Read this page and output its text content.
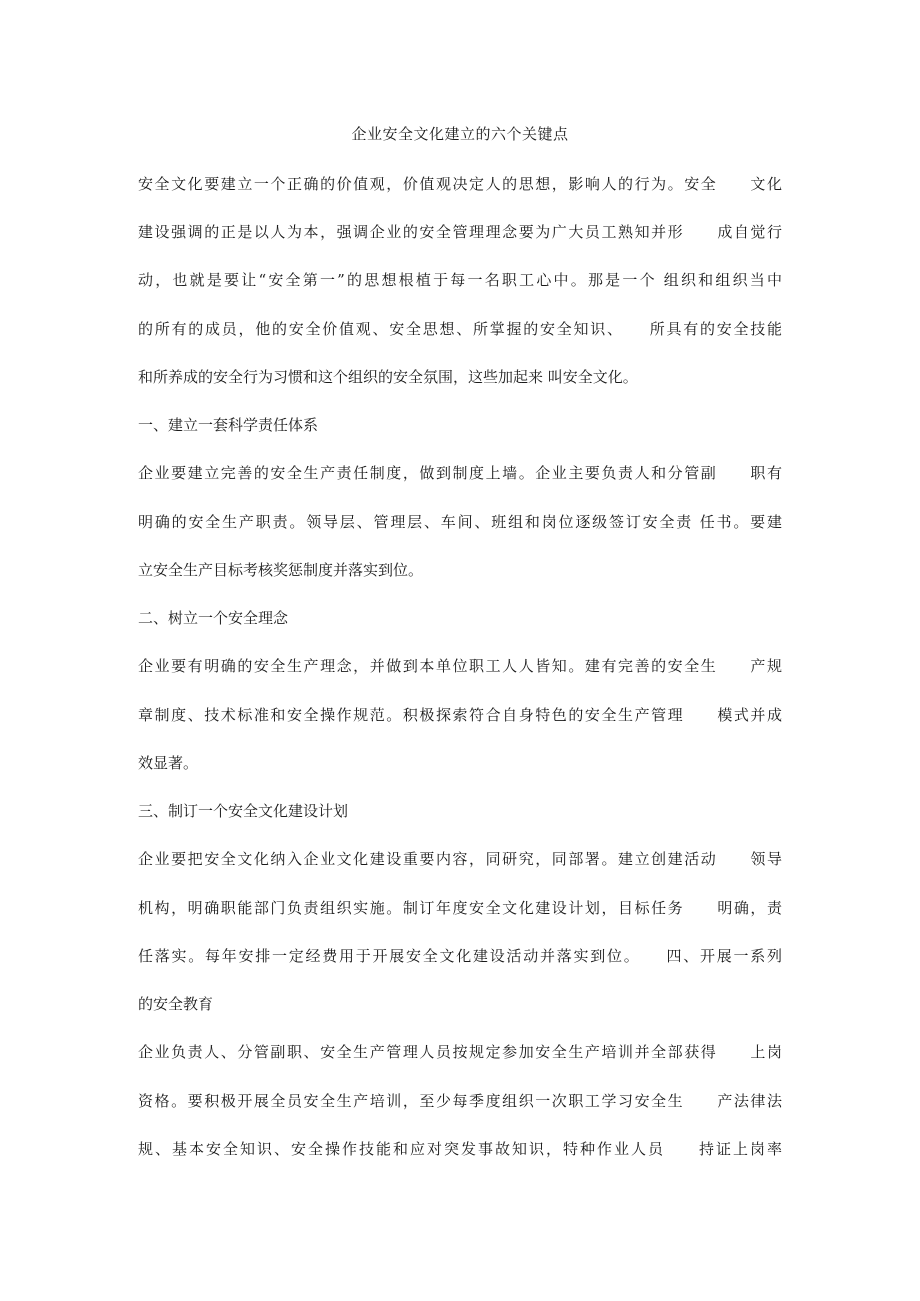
企业安全文化建立的六个关键点
安全文化要建立一个正确的价值观，价值观决定人的思想，影响人的行为。安全　　文化
建设强调的正是以人为本，强调企业的安全管理理念要为广大员工熟知并形　　成自觉行
动，也就是要让“安全第一”的思想根植于每一名职工心中。那是一个 组织和组织当中
的所有的成员，他的安全价值观、安全思想、所掌握的安全知识、　　所具有的安全技能
和所养成的安全行为习惯和这个组织的安全氛围，这些加起来 叫安全文化。
一、建立一套科学责任体系
企业要建立完善的安全生产责任制度，做到制度上墙。企业主要负责人和分管副　　职有
明确的安全生产职责。领导层、管理层、车间、班组和岗位逐级签订安全责 任书。要建
立安全生产目标考核奖惩制度并落实到位。
二、树立一个安全理念
企业要有明确的安全生产理念，并做到本单位职工人人皆知。建有完善的安全生　　产规
章制度、技术标准和安全操作规范。积极探索符合自身特色的安全生产管理　　模式并成
效显著。
三、制订一个安全文化建设计划
企业要把安全文化纳入企业文化建设重要内容，同研究，同部署。建立创建活动　　领导
机构，明确职能部门负责组织实施。制订年度安全文化建设计划，目标任务　　明确，责
任落实。每年安排一定经费用于开展安全文化建设活动并落实到位。　　四、开展一系列
的安全教育
企业负责人、分管副职、安全生产管理人员按规定参加安全生产培训并全部获得　　上岗
资格。要积极开展全员安全生产培训，至少每季度组织一次职工学习安全生　　产法律法
规、基本安全知识、安全操作技能和应对突发事故知识，特种作业人员　　持证上岗率
